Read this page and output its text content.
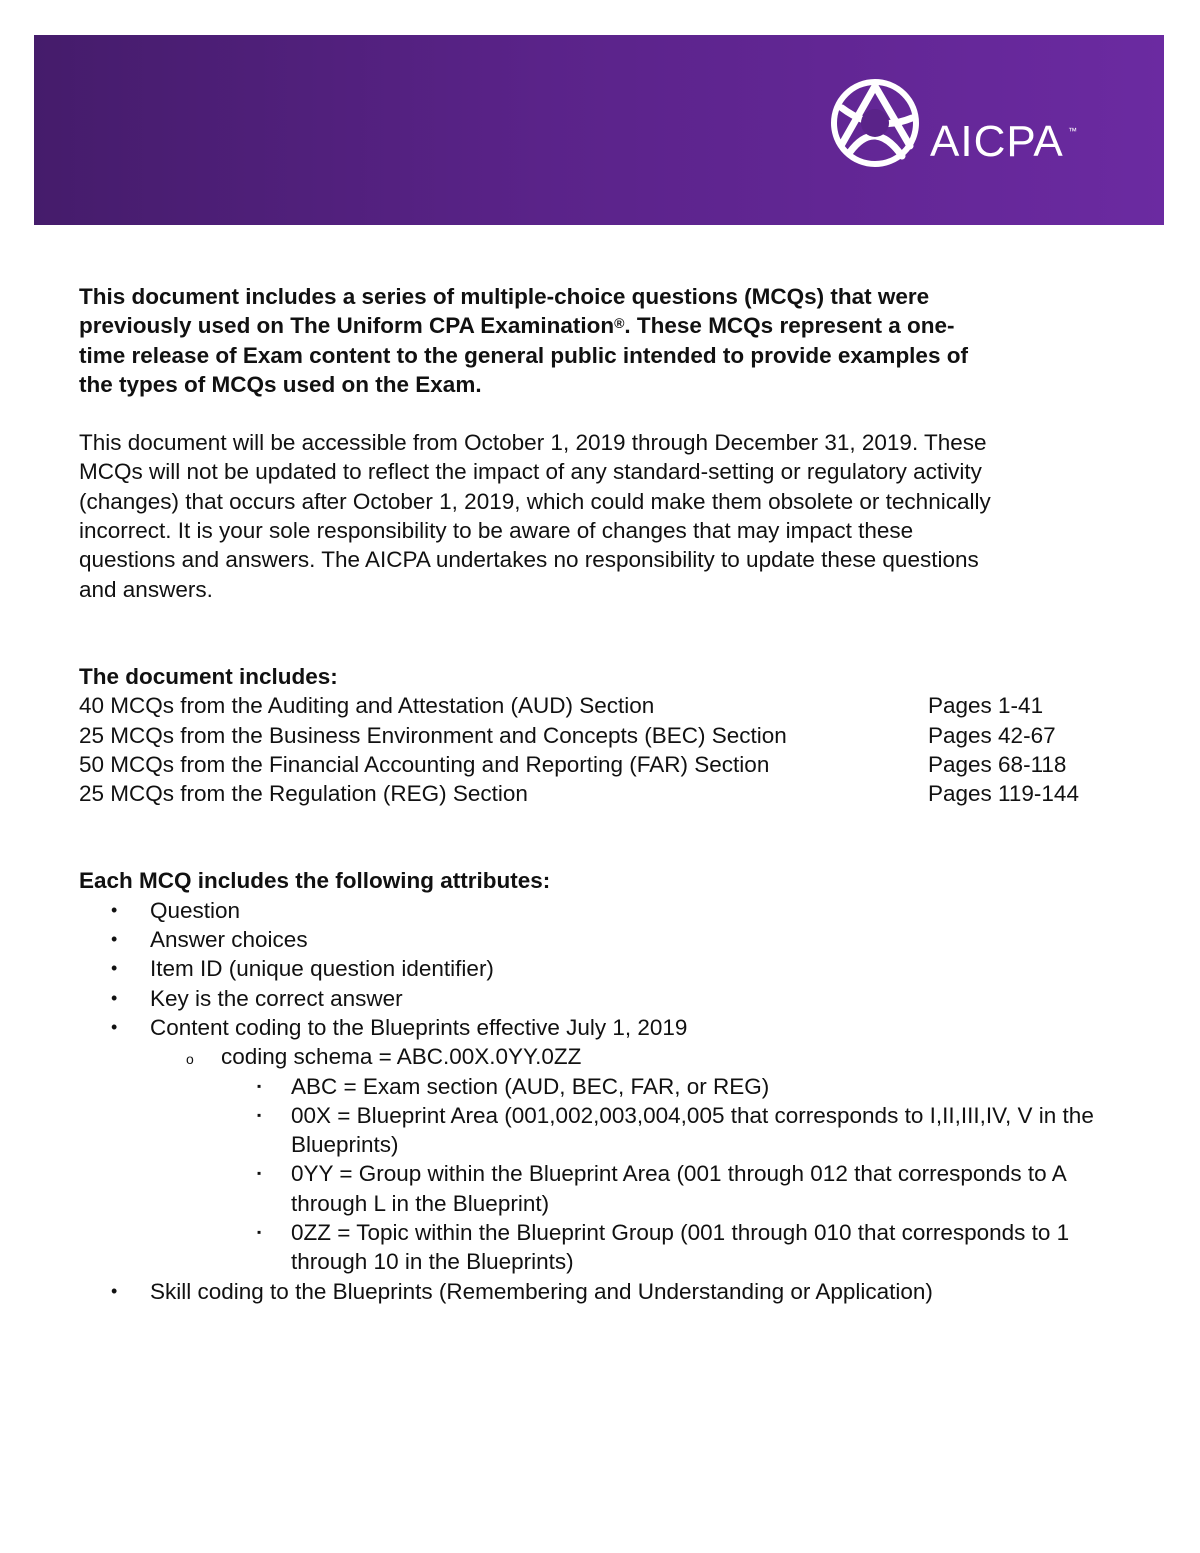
AICPA ™
This document includes a series of multiple-choice questions (MCQs) that were
previously used on The Uniform CPA Examination®. These MCQs represent a one-
time release of Exam content to the general public intended to provide examples of
the types of MCQs used on the Exam.
This document will be accessible from October 1, 2019 through December 31, 2019. These
MCQs will not be updated to reflect the impact of any standard-setting or regulatory activity
(changes) that occurs after October 1, 2019, which could make them obsolete or technically
incorrect. It is your sole responsibility to be aware of changes that may impact these
questions and answers. The AICPA undertakes no responsibility to update these questions
and answers.
The document includes:
40 MCQs from the Auditing and Attestation (AUD) Section	Pages 1-41
25 MCQs from the Business Environment and Concepts (BEC) Section	Pages 42-67
50 MCQs from the Financial Accounting and Reporting (FAR) Section	Pages 68-118
25 MCQs from the Regulation (REG) Section	Pages 119-144
Each MCQ includes the following attributes:
• Question
• Answer choices
• Item ID (unique question identifier)
• Key is the correct answer
• Content coding to the Blueprints effective July 1, 2019
o coding schema = ABC.00X.0YY.0ZZ
▪ ABC = Exam section (AUD, BEC, FAR, or REG)
▪ 00X = Blueprint Area (001,002,003,004,005 that corresponds to I,II,III,IV, V in the Blueprints)
▪ 0YY = Group within the Blueprint Area (001 through 012 that corresponds to A through L in the Blueprint)
▪ 0ZZ = Topic within the Blueprint Group (001 through 010 that corresponds to 1 through 10 in the Blueprints)
• Skill coding to the Blueprints (Remembering and Understanding or Application)
